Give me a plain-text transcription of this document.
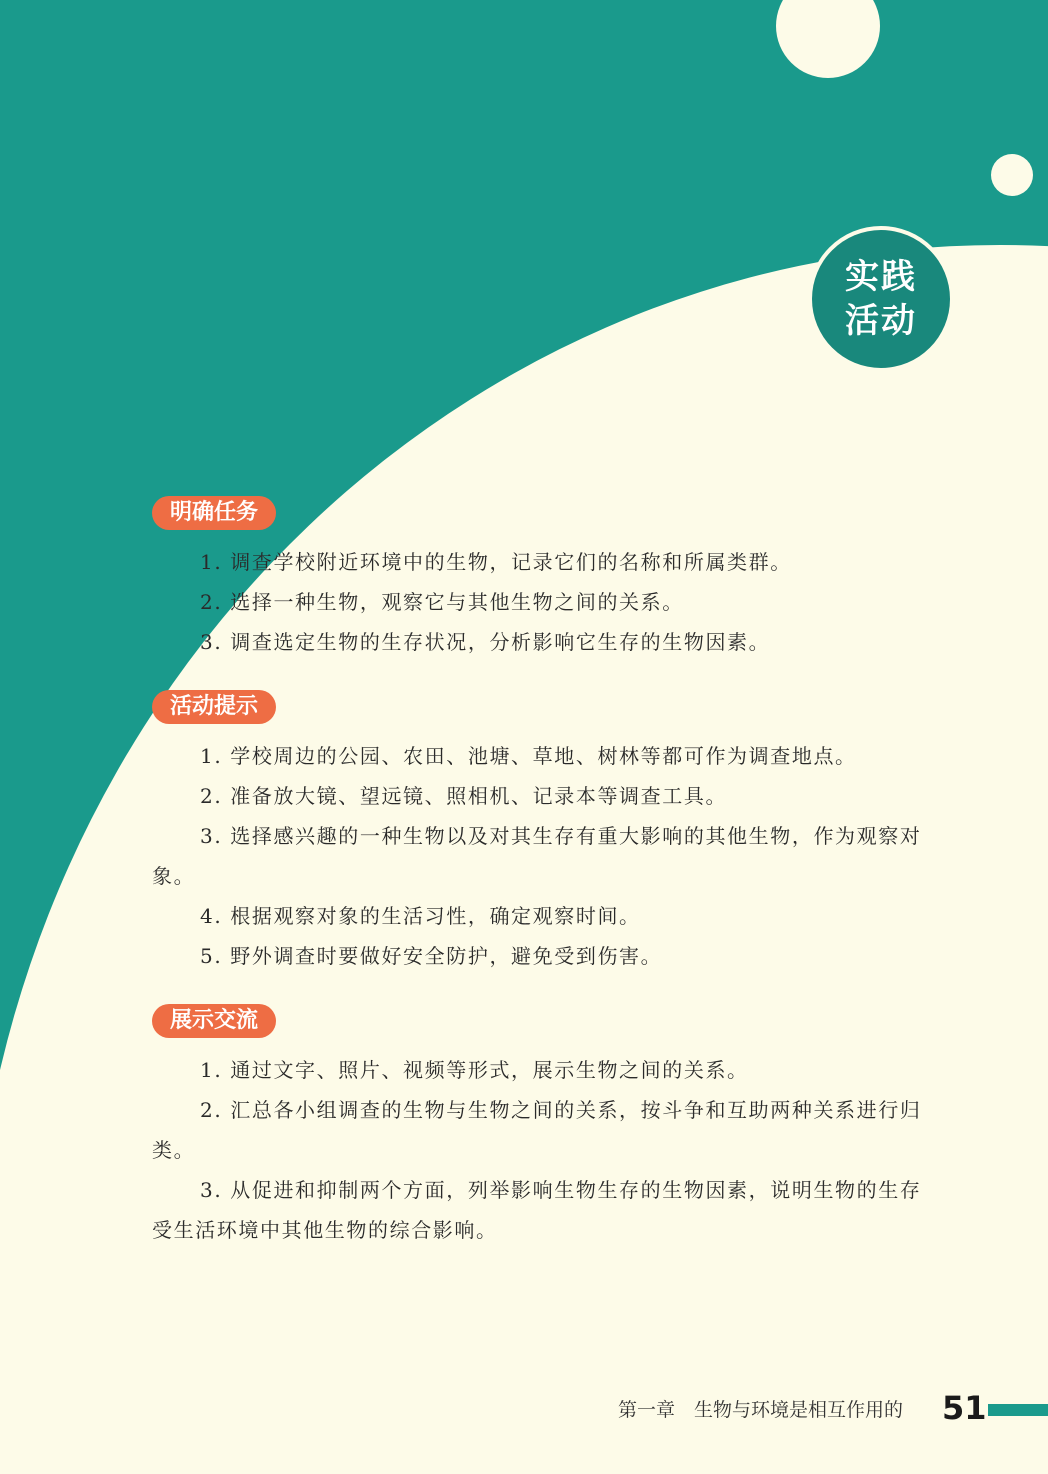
实践
活动
明确任务

1. 调查学校附近环境中的生物，记录它们的名称和所属类群。

2. 选择一种生物，观察它与其他生物之间的关系。

3. 调查选定生物的生存状况，分析影响它生存的生物因素。

活动提示

1. 学校周边的公园、农田、池塘、草地、树林等都可作为调查地点。

2. 准备放大镜、望远镜、照相机、记录本等调查工具。

3. 选择感兴趣的一种生物以及对其生存有重大影响的其他生物，作为观察对象。

4. 根据观察对象的生活习性，确定观察时间。

5. 野外调查时要做好安全防护，避免受到伤害。

展示交流

1. 通过文字、照片、视频等形式，展示生物之间的关系。

2. 汇总各小组调查的生物与生物之间的关系，按斗争和互助两种关系进行归类。

3. 从促进和抑制两个方面，列举影响生物生存的生物因素，说明生物的生存受生活环境中其他生物的综合影响。

第一章　生物与环境是相互作用的 51
